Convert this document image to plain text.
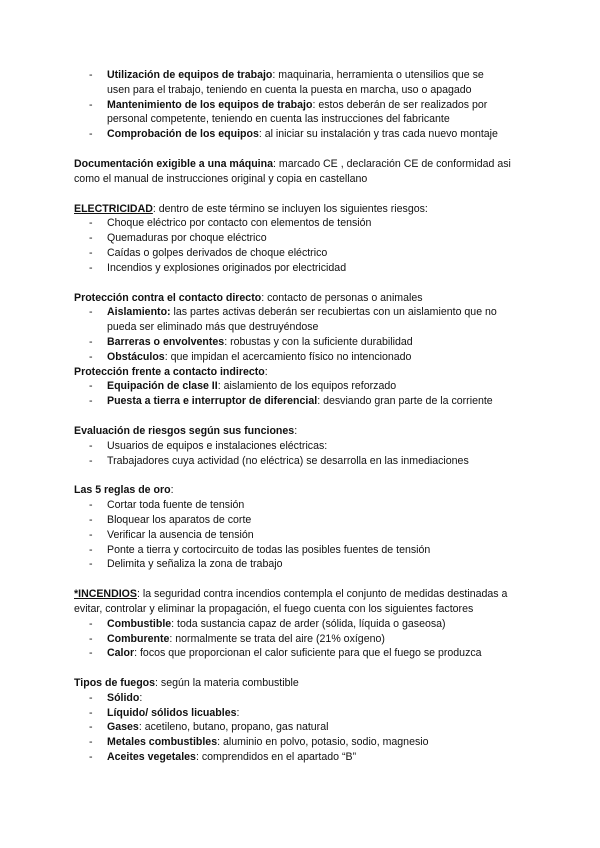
- Utilización de equipos de trabajo: maquinaria, herramienta o utensilios que se
usen para el trabajo, teniendo en cuenta la puesta en marcha, uso o apagado
- Mantenimiento de los equipos de trabajo: estos deberán de ser realizados por
personal competente, teniendo en cuenta las instrucciones del fabricante
- Comprobación de los equipos: al iniciar su instalación y tras cada nuevo montaje
Documentación exigible a una máquina: marcado CE , declaración CE de conformidad asi
como el manual de instrucciones original y copia en castellano
ELECTRICIDAD: dentro de este término se incluyen los siguientes riesgos:
- Choque eléctrico por contacto con elementos de tensión
- Quemaduras por choque eléctrico
- Caídas o golpes derivados de choque eléctrico
- Incendios y explosiones originados por electricidad
Protección contra el contacto directo: contacto de personas o animales
- Aislamiento: las partes activas deberán ser recubiertas con un aislamiento que no
pueda ser eliminado más que destruyéndose
- Barreras o envolventes: robustas y con la suficiente durabilidad
- Obstáculos: que impidan el acercamiento físico no intencionado
Protección frente a contacto indirecto:
- Equipación de clase II: aislamiento de los equipos reforzado
- Puesta a tierra e interruptor de diferencial: desviando gran parte de la corriente
Evaluación de riesgos según sus funciones:
- Usuarios de equipos e instalaciones eléctricas:
- Trabajadores cuya actividad (no eléctrica) se desarrolla en las inmediaciones
Las 5 reglas de oro:
- Cortar toda fuente de tensión
- Bloquear los aparatos de corte
- Verificar la ausencia de tensión
- Ponte a tierra y cortocircuito de todas las posibles fuentes de tensión
- Delimita y señaliza la zona de trabajo
*INCENDIOS: la seguridad contra incendios contempla el conjunto de medidas destinadas a
evitar, controlar y eliminar la propagación, el fuego cuenta con los siguientes factores
- Combustible: toda sustancia capaz de arder (sólida, líquida o gaseosa)
- Comburente: normalmente se trata del aire (21% oxígeno)
- Calor: focos que proporcionan el calor suficiente para que el fuego se produzca
Tipos de fuegos: según la materia combustible
- Sólido:
- Líquido/ sólidos licuables:
- Gases: acetileno, butano, propano, gas natural
- Metales combustibles: aluminio en polvo, potasio, sodio, magnesio
- Aceites vegetales: comprendidos en el apartado “B”
